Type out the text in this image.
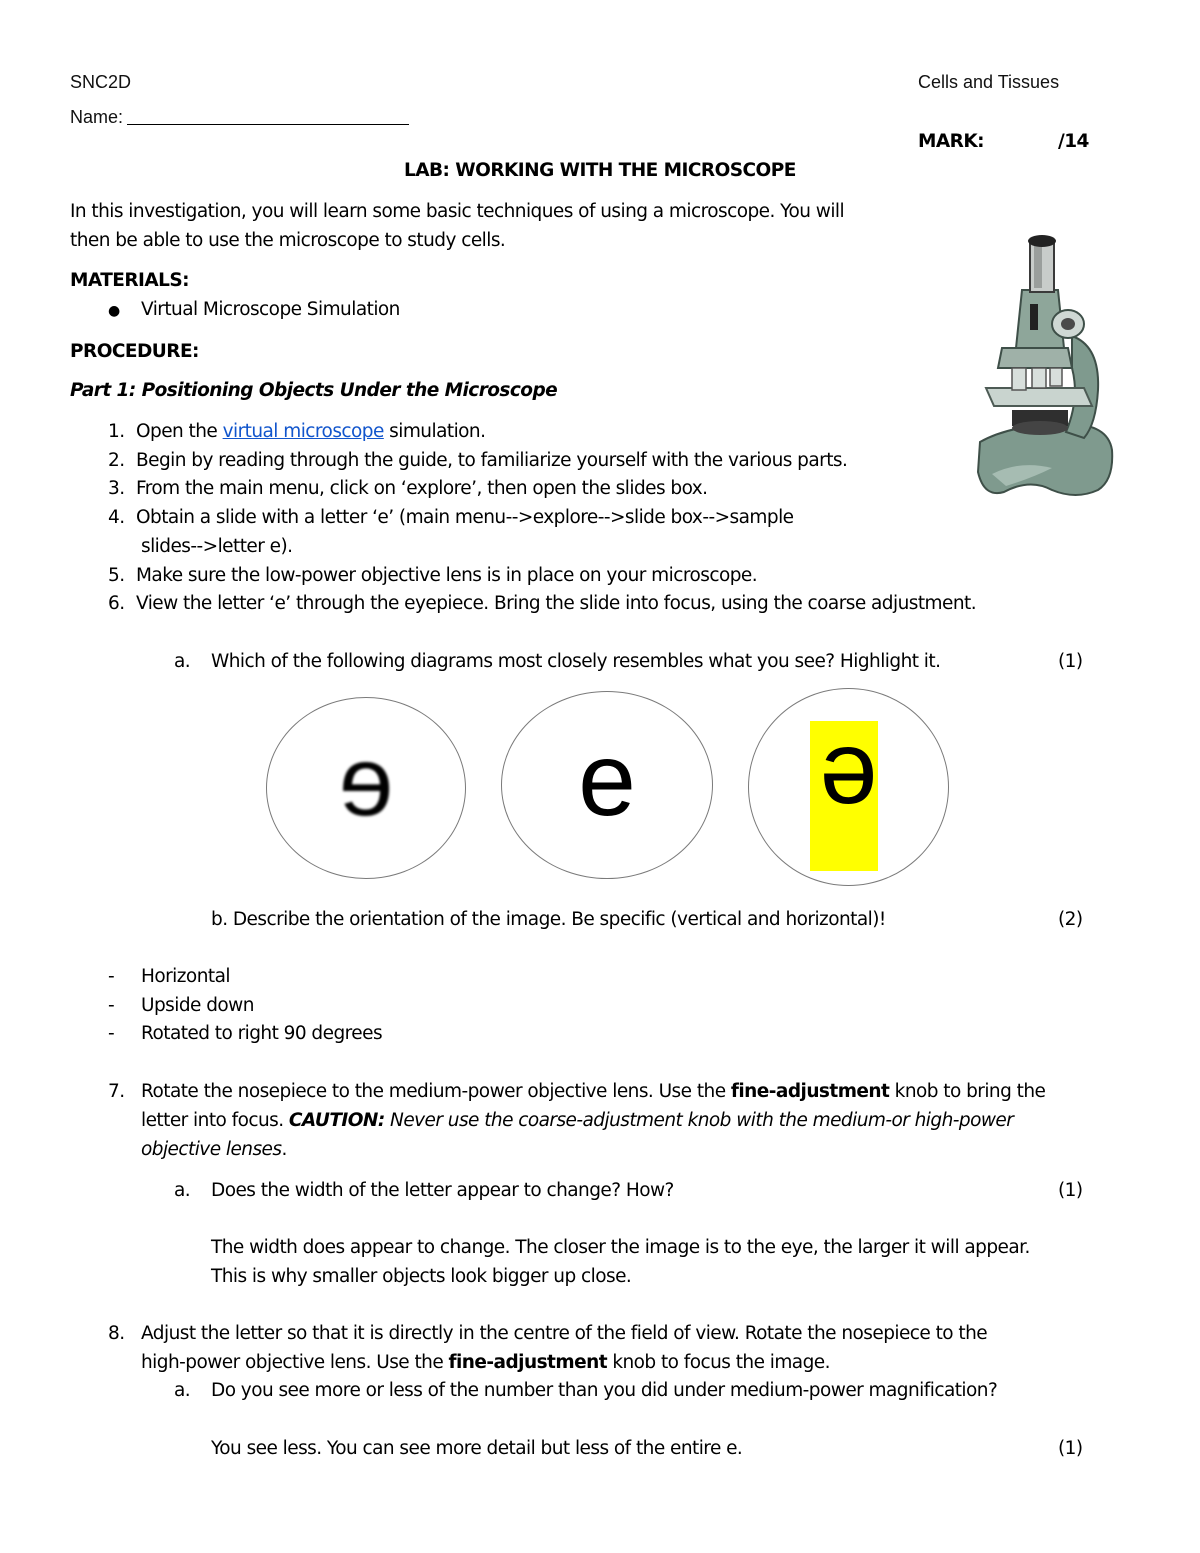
SNC2D	Cells and Tissues
Name:
MARK:	/14
LAB: WORKING WITH THE MICROSCOPE
In this investigation, you will learn some basic techniques of using a microscope. You will
then be able to use the microscope to study cells.
MATERIALS:
● Virtual Microscope Simulation
PROCEDURE:
Part 1: Positioning Objects Under the Microscope
1. Open the virtual microscope simulation.
2. Begin by reading through the guide, to familiarize yourself with the various parts.
3. From the main menu, click on ‘explore’, then open the slides box.
4. Obtain a slide with a letter ‘e’ (main menu-->explore-->slide box-->sample
slides-->letter e).
5. Make sure the low-power objective lens is in place on your microscope.
6. View the letter ‘e’ through the eyepiece. Bring the slide into focus, using the coarse adjustment.
a. Which of the following diagrams most closely resembles what you see? Highlight it.	(1)
e	e	e
b. Describe the orientation of the image. Be specific (vertical and horizontal)!	(2)
- Horizontal
- Upside down
- Rotated to right 90 degrees
7. Rotate the nosepiece to the medium-power objective lens. Use the fine-adjustment knob to bring the
letter into focus. CAUTION: Never use the coarse-adjustment knob with the medium-or high-power
objective lenses.
a. Does the width of the letter appear to change? How?	(1)
The width does appear to change. The closer the image is to the eye, the larger it will appear.
This is why smaller objects look bigger up close.
8. Adjust the letter so that it is directly in the centre of the field of view. Rotate the nosepiece to the
high-power objective lens. Use the fine-adjustment knob to focus the image.
a. Do you see more or less of the number than you did under medium-power magnification?
You see less. You can see more detail but less of the entire e.	(1)
